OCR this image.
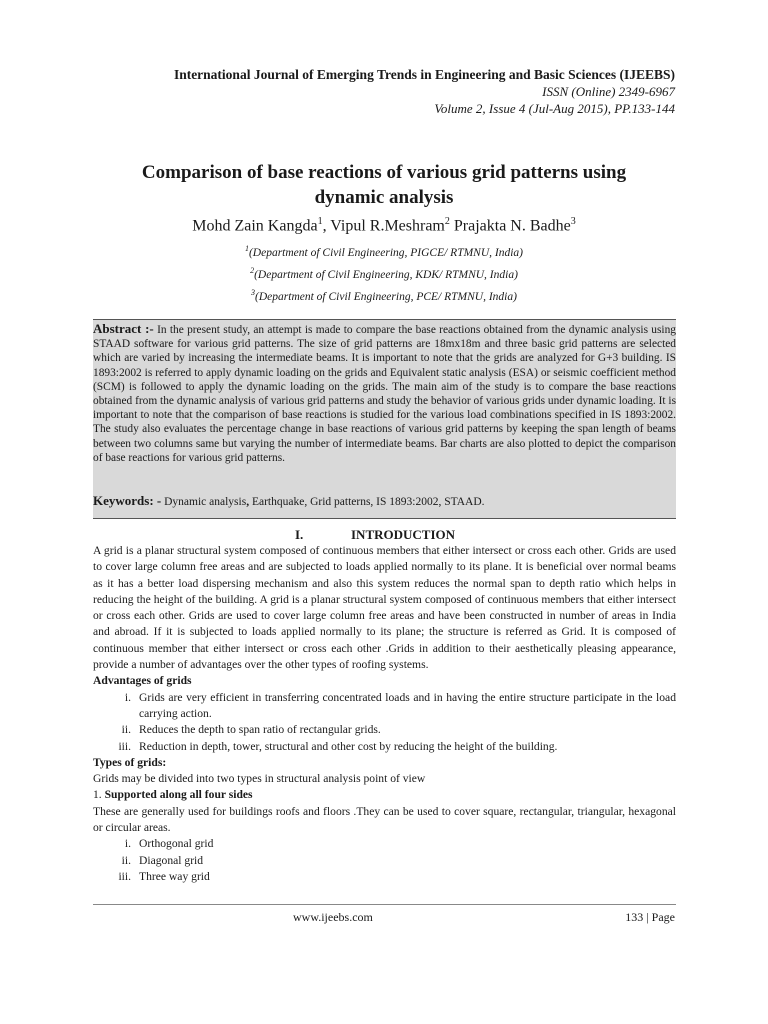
International Journal of Emerging Trends in Engineering and Basic Sciences (IJEEBS)
ISSN (Online) 2349-6967
Volume 2, Issue 4 (Jul-Aug 2015), PP.133-144
Comparison of base reactions of various grid patterns using
dynamic analysis
Mohd Zain Kangda$^1$, Vipul R.Meshram$^2$ Prajakta N. Badhe$^3$
$^1$(Department of Civil Engineering, PIGCE/ RTMNU, India)
$^2$(Department of Civil Engineering, KDK/ RTMNU, India)
$^3$(Department of Civil Engineering, PCE/ RTMNU, India)
Abstract :- In the present study, an attempt is made to compare the base reactions obtained from the dynamic analysis using STAAD software for various grid patterns. The size of grid patterns are 18mx18m and three basic grid patterns are selected which are varied by increasing the intermediate beams. It is important to note that the grids are analyzed for G+3 building. IS 1893:2002 is referred to apply dynamic loading on the grids and Equivalent static analysis (ESA) or seismic coefficient method (SCM) is followed to apply the dynamic loading on the grids. The main aim of the study is to compare the base reactions obtained from the dynamic analysis of various grid patterns and study the behavior of various grids under dynamic loading. It is important to note that the comparison of base reactions is studied for the various load combinations specified in IS 1893:2002. The study also evaluates the percentage change in base reactions of various grid patterns by keeping the span length of beams between two columns same but varying the number of intermediate beams. Bar charts are also plotted to depict the comparison of base reactions for various grid patterns.
Keywords: - Dynamic analysis, Earthquake, Grid patterns, IS 1893:2002, STAAD.
I.	INTRODUCTION

A grid is a planar structural system composed of continuous members that either intersect or cross each other. Grids are used to cover large column free areas and are subjected to loads applied normally to its plane. It is beneficial over normal beams as it has a better load dispersing mechanism and also this system reduces the normal span to depth ratio which helps in reducing the height of the building. A grid is a planar structural system composed of continuous members that either intersect or cross each other. Grids are used to cover large column free areas and have been constructed in number of areas in India and abroad. If it is subjected to loads applied normally to its plane; the structure is referred as Grid. It is composed of continuous member that either intersect or cross each other .Grids in addition to their aesthetically pleasing appearance, provide a number of advantages over the other types of roofing systems.

Advantages of grids

i. Grids are very efficient in transferring concentrated loads and in having the entire structure participate in the load carrying action.
ii. Reduces the depth to span ratio of rectangular grids.
iii. Reduction in depth, tower, structural and other cost by reducing the height of the building.

Types of grids:

Grids may be divided into two types in structural analysis point of view

1. Supported along all four sides

These are generally used for buildings roofs and floors .They can be used to cover square, rectangular, triangular, hexagonal or circular areas.

i. Orthogonal grid
ii. Diagonal grid
iii. Three way grid
www.ijeebs.com	133 | Page
